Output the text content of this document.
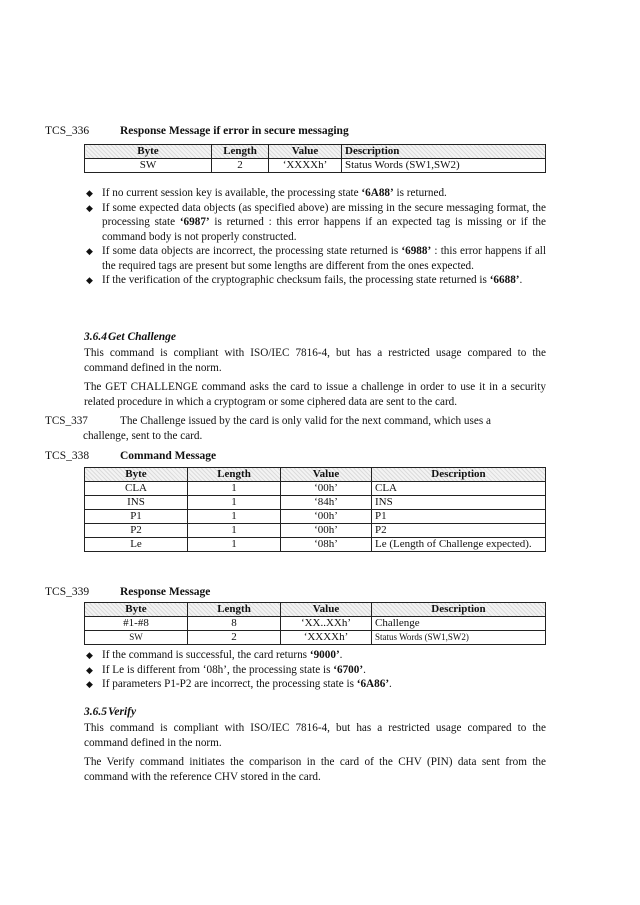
TCS_336	Response Message if error in secure messaging
Byte	Length	Value	Description
SW	2	‘XXXXh’	Status Words (SW1,SW2)
◆ If no current session key is available, the processing state ‘6A88’ is returned.
◆ If some expected data objects (as specified above) are missing in the secure messaging format, the processing state ‘6987’ is returned : this error happens if an expected tag is missing or if the command body is not properly constructed.
◆ If some data objects are incorrect, the processing state returned is ‘6988’ : this error happens if all the required tags are present but some lengths are different from the ones expected.
◆ If the verification of the cryptographic checksum fails, the processing state returned is ‘6688’.
3.6.4Get Challenge
This command is compliant with ISO/IEC 7816-4, but has a restricted usage compared to the command defined in the norm.
The GET CHALLENGE command asks the card to issue a challenge in order to use it in a security related procedure in which a cryptogram or some ciphered data are sent to the card.
TCS_337	The Challenge issued by the card is only valid for the next command, which uses a
challenge, sent to the card.
TCS_338	Command Message
Byte	Length	Value	Description
CLA	1	‘00h’	CLA
INS	1	‘84h’	INS
P1	1	‘00h’	P1
P2	1	‘00h’	P2
Le	1	‘08h’	Le (Length of Challenge expected).
TCS_339	Response Message
Byte	Length	Value	Description
#1-#8	8	‘XX..XXh’	Challenge
SW	2	‘XXXXh’	Status Words (SW1,SW2)
◆ If the command is successful, the card returns ‘9000’.
◆ If Le is different from ‘08h’, the processing state is ‘6700’.
◆ If parameters P1-P2 are incorrect, the processing state is ‘6A86’.
3.6.5Verify
This command is compliant with ISO/IEC 7816-4, but has a restricted usage compared to the command defined in the norm.
The Verify command initiates the comparison in the card of the CHV (PIN) data sent from the command with the reference CHV stored in the card.
